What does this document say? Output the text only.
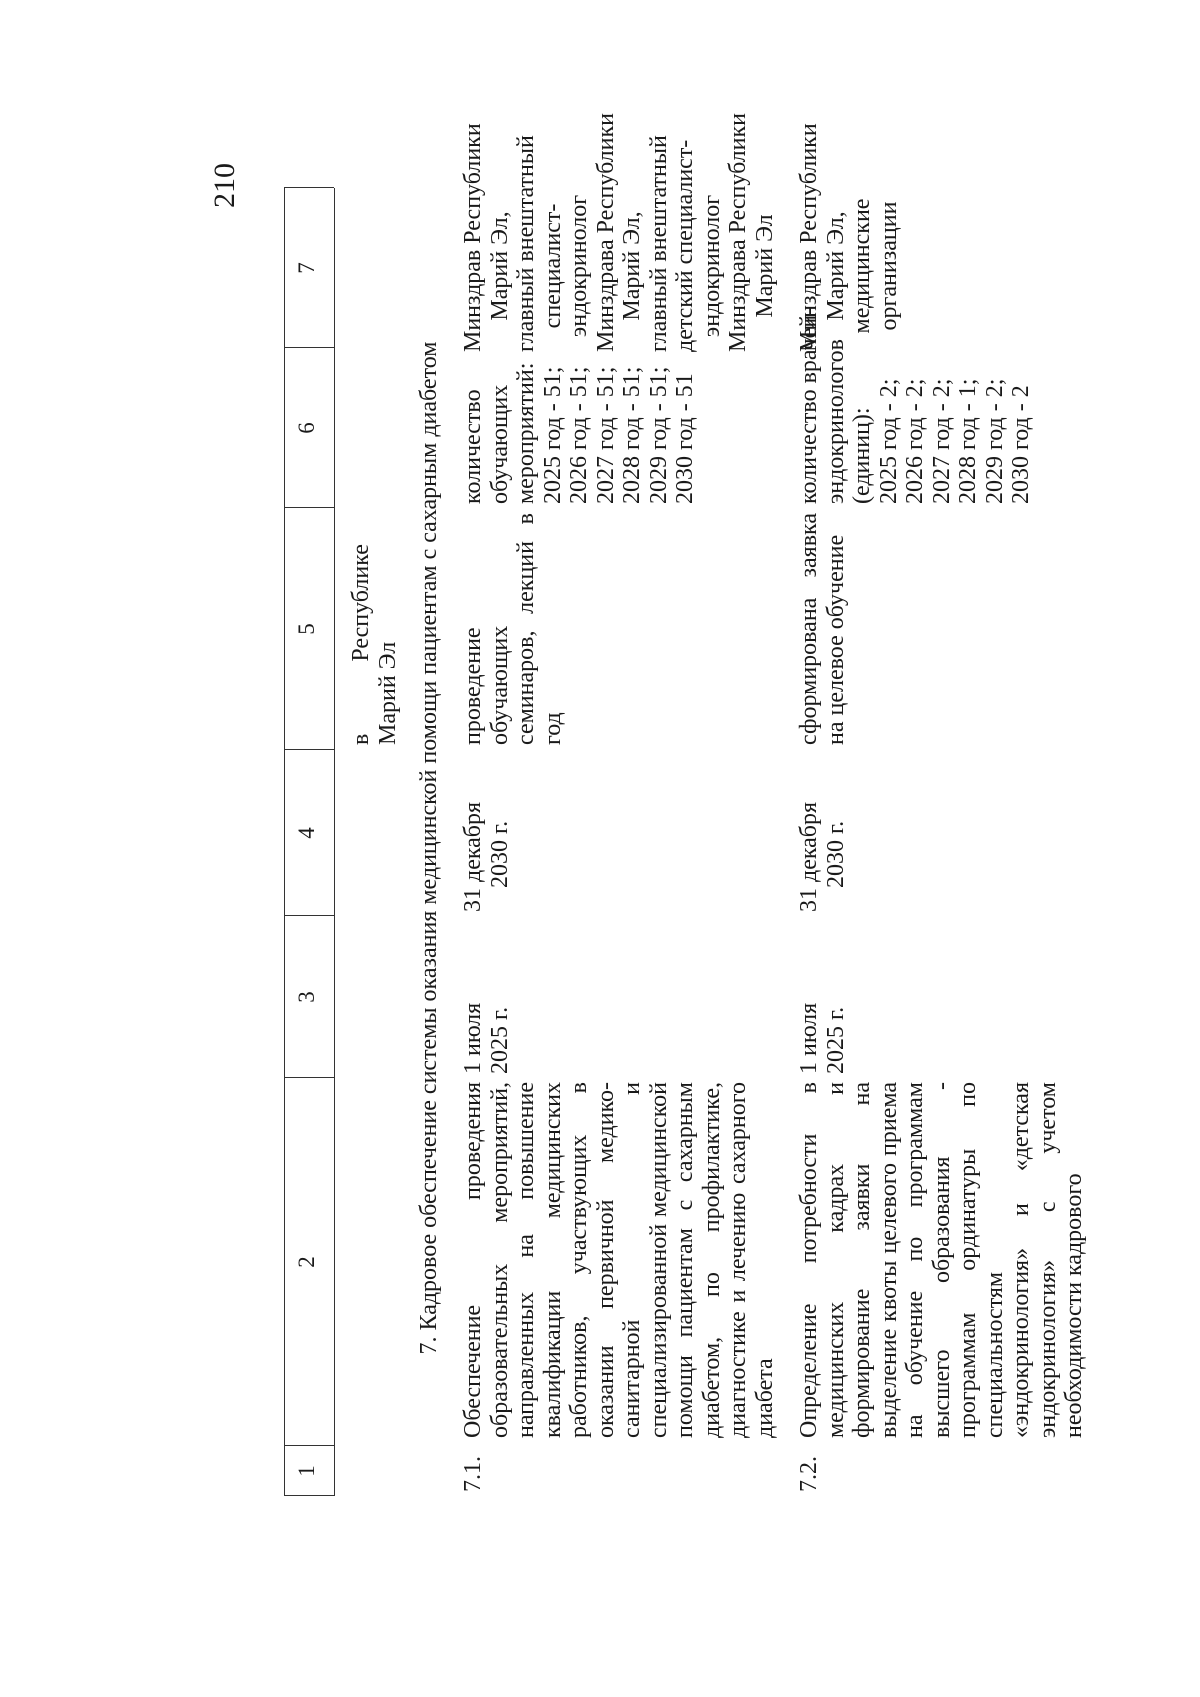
210
1
2
3
4
5
6
7
в            Республике Марий Эл 7. Кадровое обеспечение системы оказания медицинской помощи пациентам с сахарным диабетом
7.1.
Обеспечение проведения образовательных мероприятий, направленных на повышение квалификации медицинских работников, участвующих в оказании первичной медико-санитарной и специализированной медицинской помощи пациентам с сахарным диабетом, по профилактике, диагностике и лечению сахарного диабета
1 июля 2025 г.
31 декабря 2030 г.
проведение обучающих семинаров, лекций в год
количество обучающих мероприятий: 2025 год - 51; 2026 год - 51; 2027 год - 51; 2028 год - 51; 2029 год - 51; 2030 год - 51
Минздрав Республики Марий Эл, главный внештатный специалист- эндокринолог Минздрава Республики Марий Эл, главный внештатный детский специалист- эндокринолог Минздрава Республики Марий Эл
7.2.
Определение потребности в медицинских кадрах и формирование заявки на выделение квоты целевого приема на обучение по программам высшего образования - программам ординатуры по специальностям «эндокринология» и «детская эндокринология» с учетом необходимости кадрового
1 июля 2025 г.
31 декабря 2030 г.
сформирована заявка на целевое обучение
количество врачей- эндокринологов (единиц): 2025 год - 2; 2026 год - 2; 2027 год - 2; 2028 год - 1; 2029 год - 2; 2030 год - 2
Минздрав Республики Марий Эл, медицинские организации
